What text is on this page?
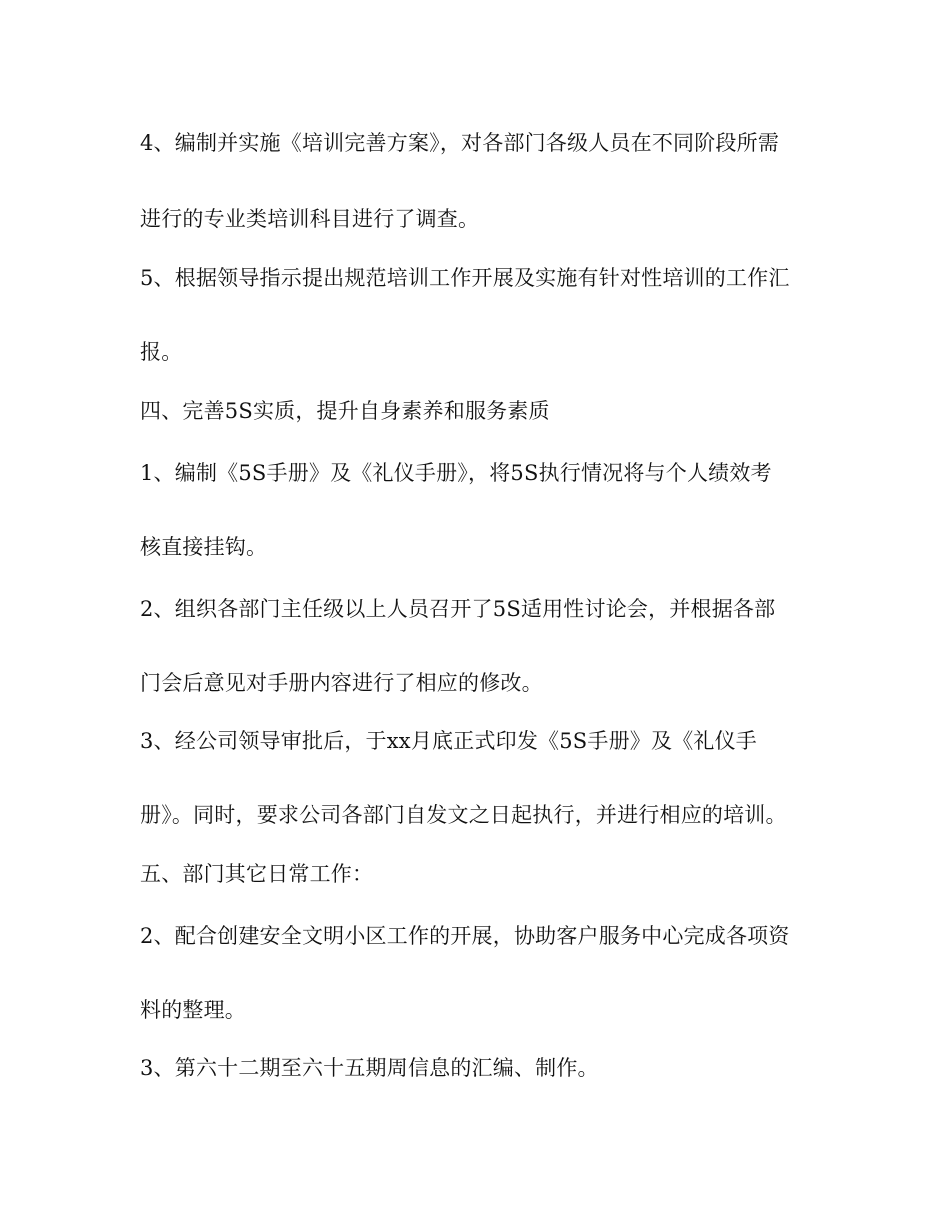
4、编制并实施《培训完善方案》，对各部门各级人员在不同阶段所需
进行的专业类培训科目进行了调查。
5、根据领导指示提出规范培训工作开展及实施有针对性培训的工作汇
报。
四、完善5S实质，提升自身素养和服务素质
1、编制《5S手册》及《礼仪手册》，将5S执行情况将与个人绩效考
核直接挂钩。
2、组织各部门主任级以上人员召开了5S适用性讨论会，并根据各部
门会后意见对手册内容进行了相应的修改。
3、经公司领导审批后，于xx月底正式印发《5S手册》及《礼仪手
册》。同时，要求公司各部门自发文之日起执行，并进行相应的培训。
五、部门其它日常工作：
2、配合创建安全文明小区工作的开展，协助客户服务中心完成各项资
料的整理。
3、第六十二期至六十五期周信息的汇编、制作。
